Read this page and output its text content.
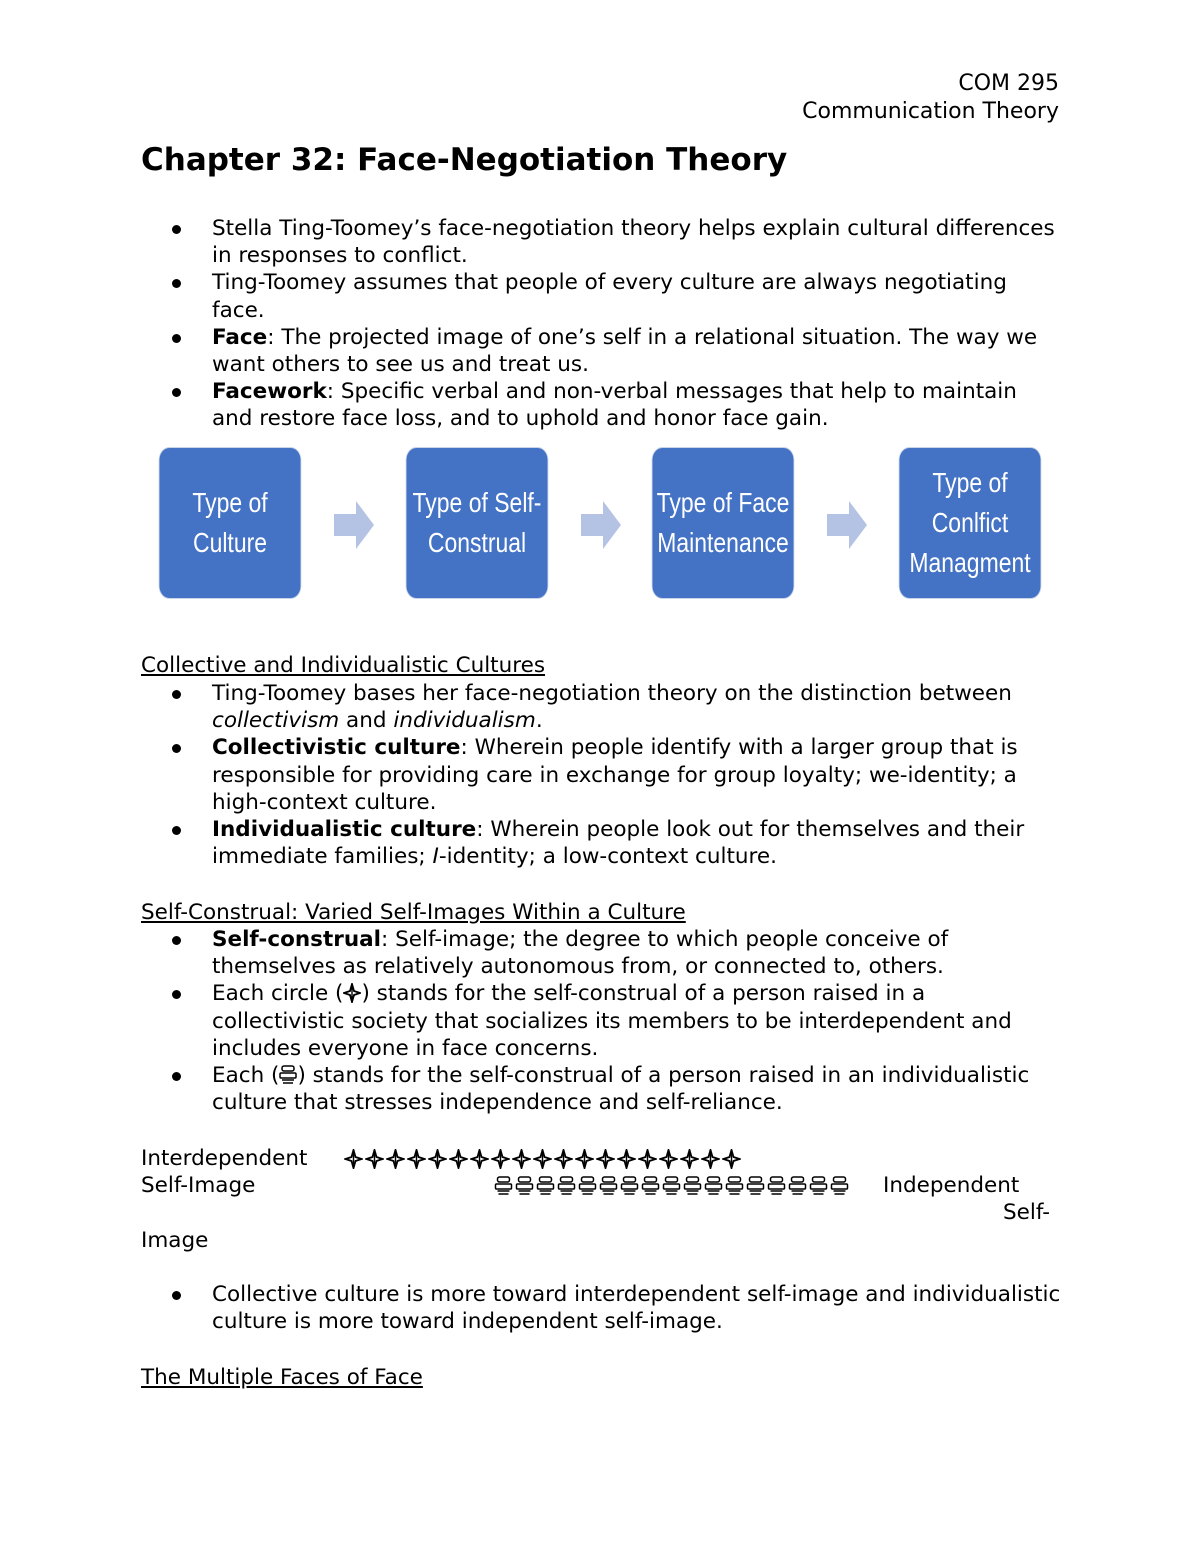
COM 295
Communication Theory
Chapter 32: Face-Negotiation Theory
Stella Ting-Toomey’s face-negotiation theory helps explain cultural differences in responses to conflict.
Ting-Toomey assumes that people of every culture are always negotiating face.
Face: The projected image of one’s self in a relational situation. The way we want others to see us and treat us.
Facework: Specific verbal and non-verbal messages that help to maintain and restore face loss, and to uphold and honor face gain.
Type of
Culture
Type of Self-
Construal
Type of Face
Maintenance
Type of
Conlfict
Managment
Collective and Individualistic Cultures
Ting-Toomey bases her face-negotiation theory on the distinction between collectivism and individualism.
Collectivistic culture: Wherein people identify with a larger group that is responsible for providing care in exchange for group loyalty; we-identity; a high-context culture.
Individualistic culture: Wherein people look out for themselves and their immediate families; I-identity; a low-context culture.
Self-Construal: Varied Self-Images Within a Culture
Self-construal: Self-image; the degree to which people conceive of themselves as relatively autonomous from, or connected to, others.
Each circle ( ) stands for the self-construal of a person raised in a collectivistic society that socializes its members to be interdependent and includes everyone in face concerns.
Each ( ) stands for the self-construal of a person raised in an individualistic culture that stresses independence and self-reliance.
Interdependent
Self-Image	Independent
Self-
Image
Collective culture is more toward interdependent self-image and individualistic culture is more toward independent self-image.
The Multiple Faces of Face
